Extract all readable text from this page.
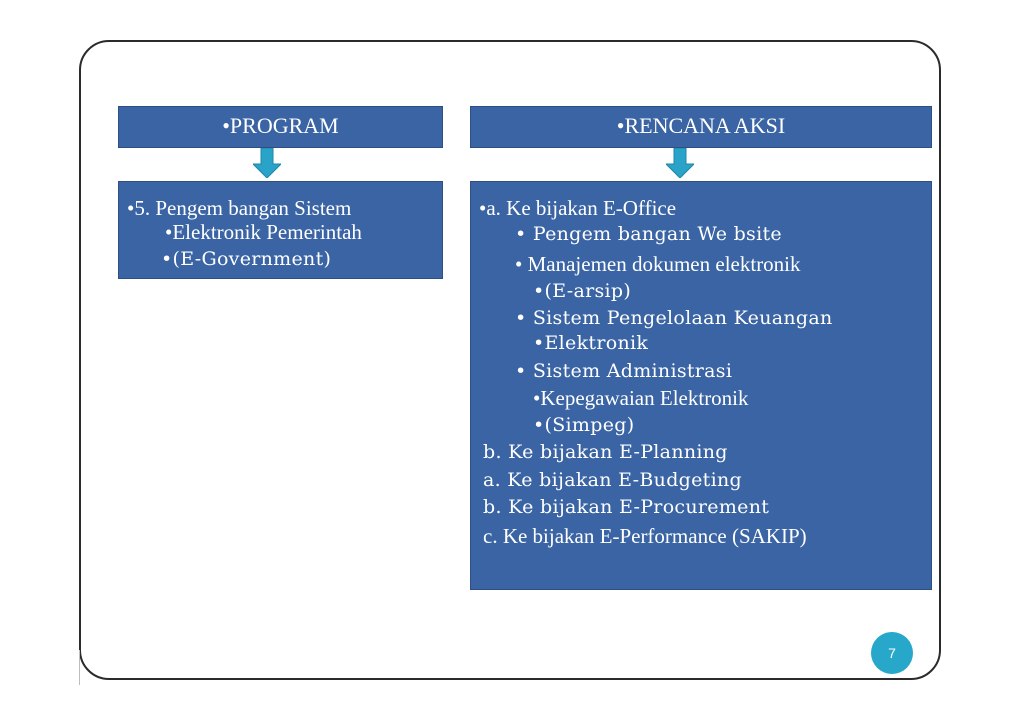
•PROGRAM	•RENCANA AKSI
•5. Pengem bangan Sistem
•Elektronik Pemerintah
•(E-Government)
•a. Ke bijakan E-Office
• Pengem bangan We bsite
• Manajemen dokumen elektronik
•(E-arsip)
• Sistem Pengelolaan Keuangan
•Elektronik
• Sistem Administrasi
•Kepegawaian Elektronik
•(Simpeg)
b. Ke bijakan E-Planning
a. Ke bijakan E-Budgeting
b. Ke bijakan E-Procurement
c. Ke bijakan E-Performance (SAKIP)
7
